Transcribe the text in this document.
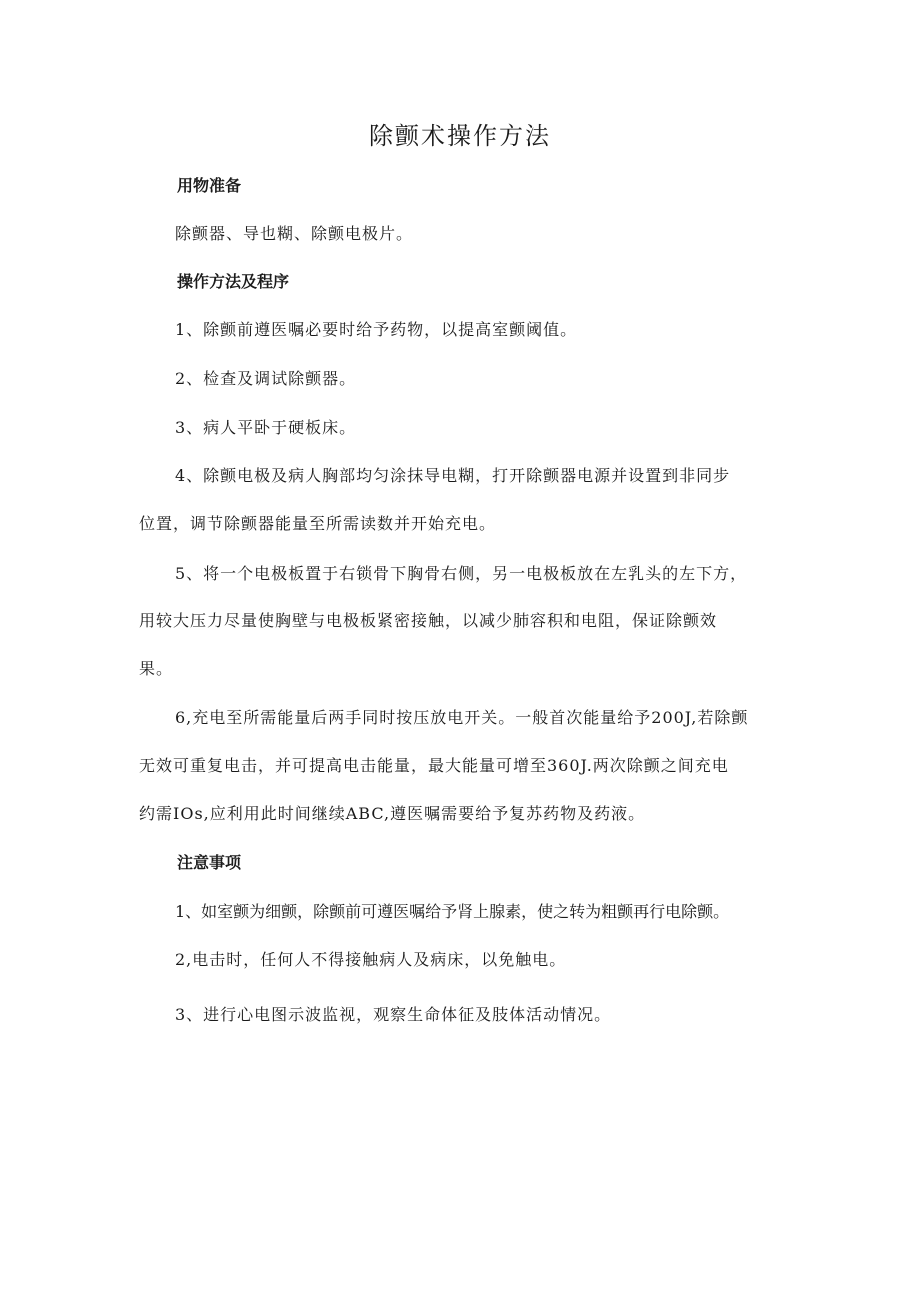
除颤术操作方法
用物准备
除颤器、导也糊、除颤电极片。
操作方法及程序
1、除颤前遵医嘱必要时给予药物，以提高室颤阈值。
2、检查及调试除颤器。
3、病人平卧于硬板床。
4、除颤电极及病人胸部均匀涂抹导电糊，打开除颤器电源并设置到非同步
位置，调节除颤器能量至所需读数并开始充电。
5、将一个电极板置于右锁骨下胸骨右侧，另一电极板放在左乳头的左下方，
用较大压力尽量使胸壁与电极板紧密接触，以减少肺容积和电阻，保证除颤效
果。
6,充电至所需能量后两手同时按压放电开关。一般首次能量给予200J,若除颤
无效可重复电击，并可提高电击能量，最大能量可增至360J.两次除颤之间充电
约需IOs,应利用此时间继续ABC,遵医嘱需要给予复苏药物及药液。
注意事项
1、如室颤为细颤，除颤前可遵医嘱给予肾上腺素，使之转为粗颤再行电除颤。
2,电击时，任何人不得接触病人及病床，以免触电。
3、进行心电图示波监视，观察生命体征及肢体活动情况。
